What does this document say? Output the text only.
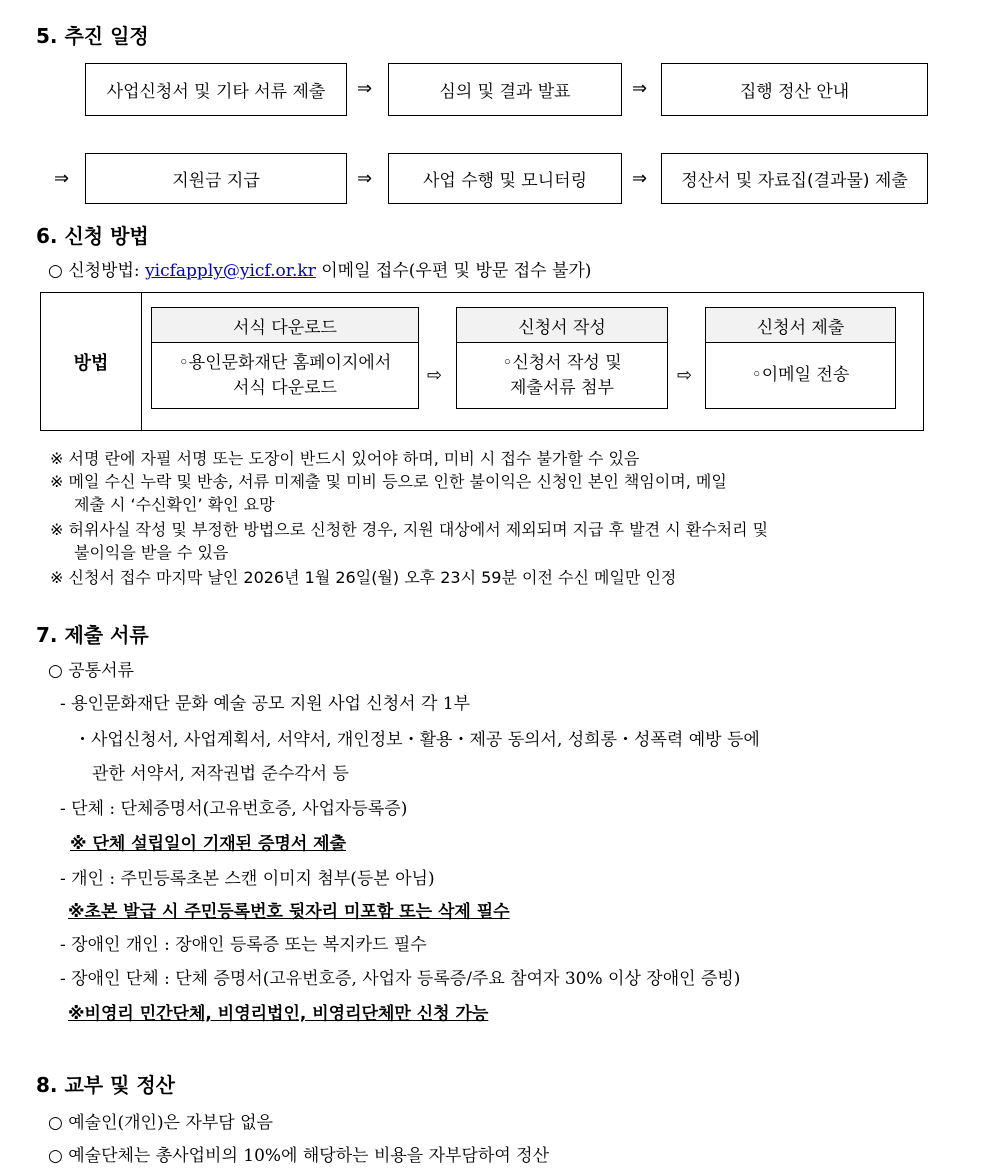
5. 추진 일정
사업신청서 및 기타 서류 제출	⇒	심의 및 결과 발표	⇒	집행 정산 안내
⇒	지원금 지급	⇒	사업 수행 및 모니터링	⇒	정산서 및 자료집(결과물) 제출
6. 신청 방법
○ 신청방법: yicfapply@yicf.or.kr 이메일 접수(우편 및 방문 접수 불가)
방법
서식 다운로드
◦용인문화재단 홈페이지에서
서식 다운로드
⇨
신청서 작성
◦신청서 작성 및
제출서류 첨부
⇨
신청서 제출
◦이메일 전송
※ 서명 란에 자필 서명 또는 도장이 반드시 있어야 하며, 미비 시 접수 불가할 수 있음
※ 메일 수신 누락 및 반송, 서류 미제출 및 미비 등으로 인한 불이익은 신청인 본인 책임이며, 메일
제출 시 ‘수신확인’ 확인 요망
※ 허위사실 작성 및 부정한 방법으로 신청한 경우, 지원 대상에서 제외되며 지급 후 발견 시 환수처리 및
불이익을 받을 수 있음
※ 신청서 접수 마지막 날인 2026년 1월 26일(월) 오후 23시 59분 이전 수신 메일만 인정
7. 제출 서류
○ 공통서류
- 용인문화재단 문화 예술 공모 지원 사업 신청서 각 1부
・사업신청서, 사업계획서, 서약서, 개인정보・활용・제공 동의서, 성희롱・성폭력 예방 등에
관한 서약서, 저작권법 준수각서 등
- 단체 : 단체증명서(고유번호증, 사업자등록증)
※ 단체 설립일이 기재된 증명서 제출
- 개인 : 주민등록초본 스캔 이미지 첨부(등본 아님)
※초본 발급 시 주민등록번호 뒷자리 미포함 또는 삭제 필수
- 장애인 개인 : 장애인 등록증 또는 복지카드 필수
- 장애인 단체 : 단체 증명서(고유번호증, 사업자 등록증/주요 참여자 30% 이상 장애인 증빙)
※비영리 민간단체, 비영리법인, 비영리단체만 신청 가능
8. 교부 및 정산
○ 예술인(개인)은 자부담 없음
○ 예술단체는 총사업비의 10%에 해당하는 비용을 자부담하여 정산
